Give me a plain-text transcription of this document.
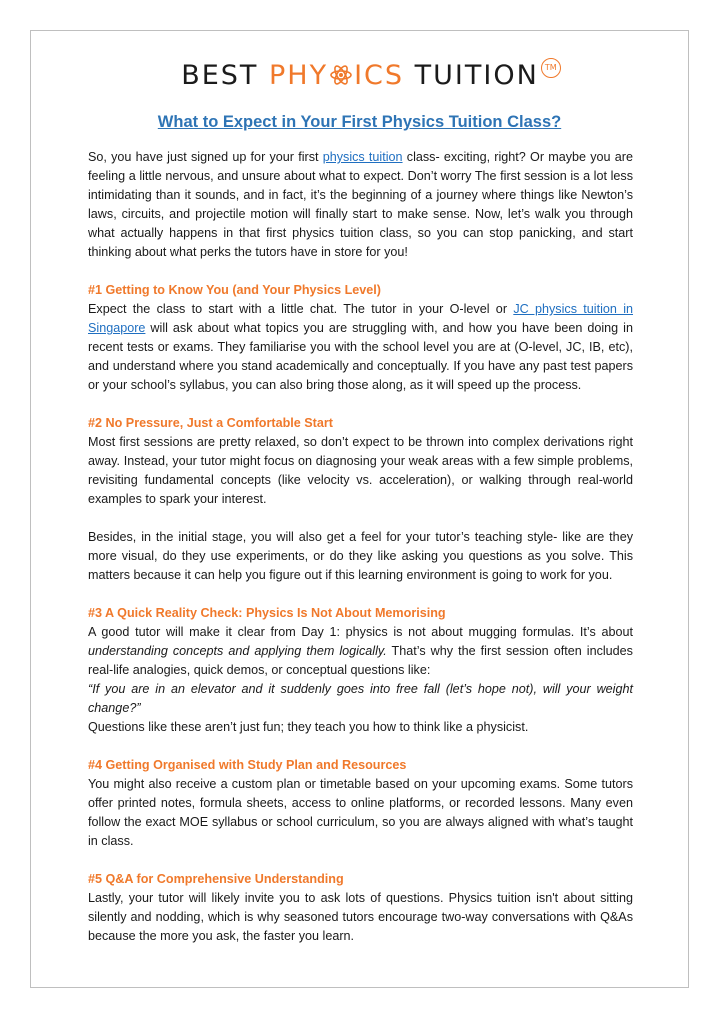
BEST PHY ICS TUITION TM
What to Expect in Your First Physics Tuition Class?

So, you have just signed up for your first physics tuition class- exciting, right? Or maybe you are feeling a little nervous, and unsure about what to expect. Don’t worry The first session is a lot less intimidating than it sounds, and in fact, it’s the beginning of a journey where things like Newton’s laws, circuits, and projectile motion will finally start to make sense. Now, let’s walk you through what actually happens in that first physics tuition class, so you can stop panicking, and start thinking about what perks the tutors have in store for you!

#1 Getting to Know You (and Your Physics Level)

Expect the class to start with a little chat. The tutor in your O-level or JC physics tuition in Singapore will ask about what topics you are struggling with, and how you have been doing in recent tests or exams. They familiarise you with the school level you are at (O-level, JC, IB, etc), and understand where you stand academically and conceptually. If you have any past test papers or your school’s syllabus, you can also bring those along, as it will speed up the process.

#2 No Pressure, Just a Comfortable Start

Most first sessions are pretty relaxed, so don’t expect to be thrown into complex derivations right away. Instead, your tutor might focus on diagnosing your weak areas with a few simple problems, revisiting fundamental concepts (like velocity vs. acceleration), or walking through real-world examples to spark your interest.

Besides, in the initial stage, you will also get a feel for your tutor’s teaching style- like are they more visual, do they use experiments, or do they like asking you questions as you solve. This matters because it can help you figure out if this learning environment is going to work for you.

#3 A Quick Reality Check: Physics Is Not About Memorising

A good tutor will make it clear from Day 1: physics is not about mugging formulas. It’s about understanding concepts and applying them logically. That’s why the first session often includes real-life analogies, quick demos, or conceptual questions like:

“If you are in an elevator and it suddenly goes into free fall (let’s hope not), will your weight change?”

Questions like these aren’t just fun; they teach you how to think like a physicist.

#4 Getting Organised with Study Plan and Resources

You might also receive a custom plan or timetable based on your upcoming exams. Some tutors offer printed notes, formula sheets, access to online platforms, or recorded lessons. Many even follow the exact MOE syllabus or school curriculum, so you are always aligned with what’s taught in class.

#5 Q&A for Comprehensive Understanding

Lastly, your tutor will likely invite you to ask lots of questions. Physics tuition isn't about sitting silently and nodding, which is why seasoned tutors encourage two-way conversations with Q&As because the more you ask, the faster you learn.
